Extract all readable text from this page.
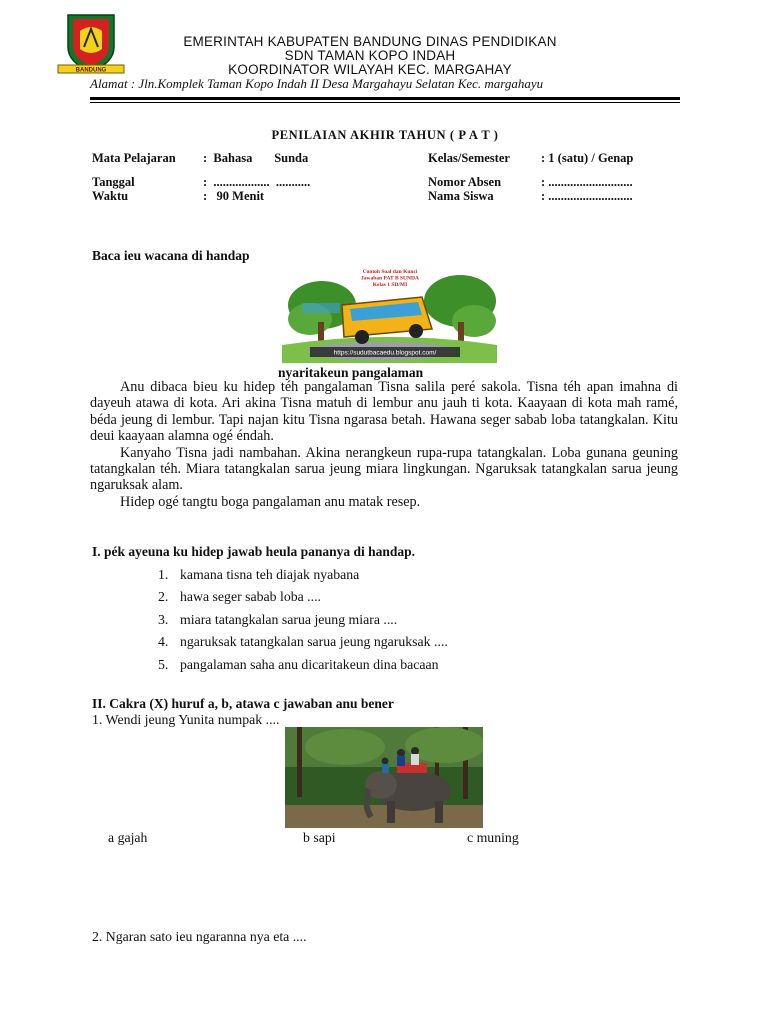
BANDUNG
EMERINTAH KABUPATEN BANDUNG DINAS PENDIDIKAN
SDN TAMAN KOPO INDAH
KOORDINATOR WILAYAH KEC. MARGAHAY
Alamat : Jln.Komplek Taman Kopo Indah II Desa Margahayu Selatan Kec. margahayu
PENILAIAN AKHIR TAHUN ( P A T )
Mata Pelajaran :  Bahasa       Sunda	Kelas/Semester : 1 (satu) / Genap
Tanggal	:  ..................  ...........	Nomor Absen	: ...........................
Waktu	:   90 Menit	Nama Siswa	: ...........................
Baca ieu wacana di handap
Contoh Soal dan Kunci
Jawaban PAT B SUNDA
Kelas 1 SD/MI
https://sudutbacaedu.blogspot.com/
nyaritakeun pangalaman

Anu dibaca bieu ku hidep téh pangalaman Tisna salila peré sakola. Tisna téh apan imahna di dayeuh atawa di kota. Ari akina Tisna matuh di lembur anu jauh ti kota. Kaayaan di kota mah ramé, béda jeung di lembur. Tapi najan kitu Tisna ngarasa betah. Hawana seger sabab loba tatangkalan. Kitu deui kaayaan alamna ogé éndah.

Kanyaho Tisna jadi nambahan. Akina nerangkeun rupa-rupa tatangkalan. Loba gunana geuning tatangkalan téh. Miara tatangkalan sarua jeung miara lingkungan. Ngaruksak tatangkalan sarua jeung ngaruksak alam.

Hidep ogé tangtu boga pangalaman anu matak resep.

I. pék ayeuna ku hidep jawab heula pananya di handap.
1. kamana tisna teh diajak nyabana
2. hawa seger sabab loba ....
3. miara tatangkalan sarua jeung miara ....
4. ngaruksak tatangkalan sarua jeung ngaruksak ....
5. pangalaman saha anu dicaritakeun dina bacaan
II. Cakra (X) huruf a, b, atawa c jawaban anu bener
1. Wendi jeung Yunita numpak ....
a gajah	b sapi	c muning
2. Ngaran sato ieu ngaranna nya eta ....
